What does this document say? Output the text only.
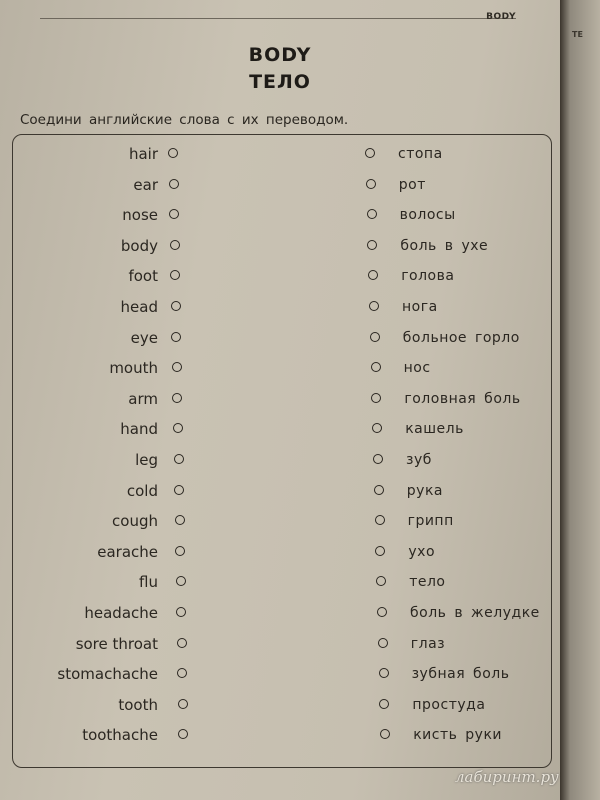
BODY
BODY
ТЕЛО
Соедини английские слова с их переводом.
hair	стопа
ear	рот
nose	волосы
body	боль в ухе
foot	голова
head	нога
eye	больное горло
mouth	нос
arm	головная боль
hand	кашель
leg	зуб
cold	рука
cough	грипп
earache	ухо
flu	тело
headache	боль в желудке
sore throat	глаз
stomachache	зубная боль
tooth	простуда
toothache	кисть руки
TE
лабиринт.ру
